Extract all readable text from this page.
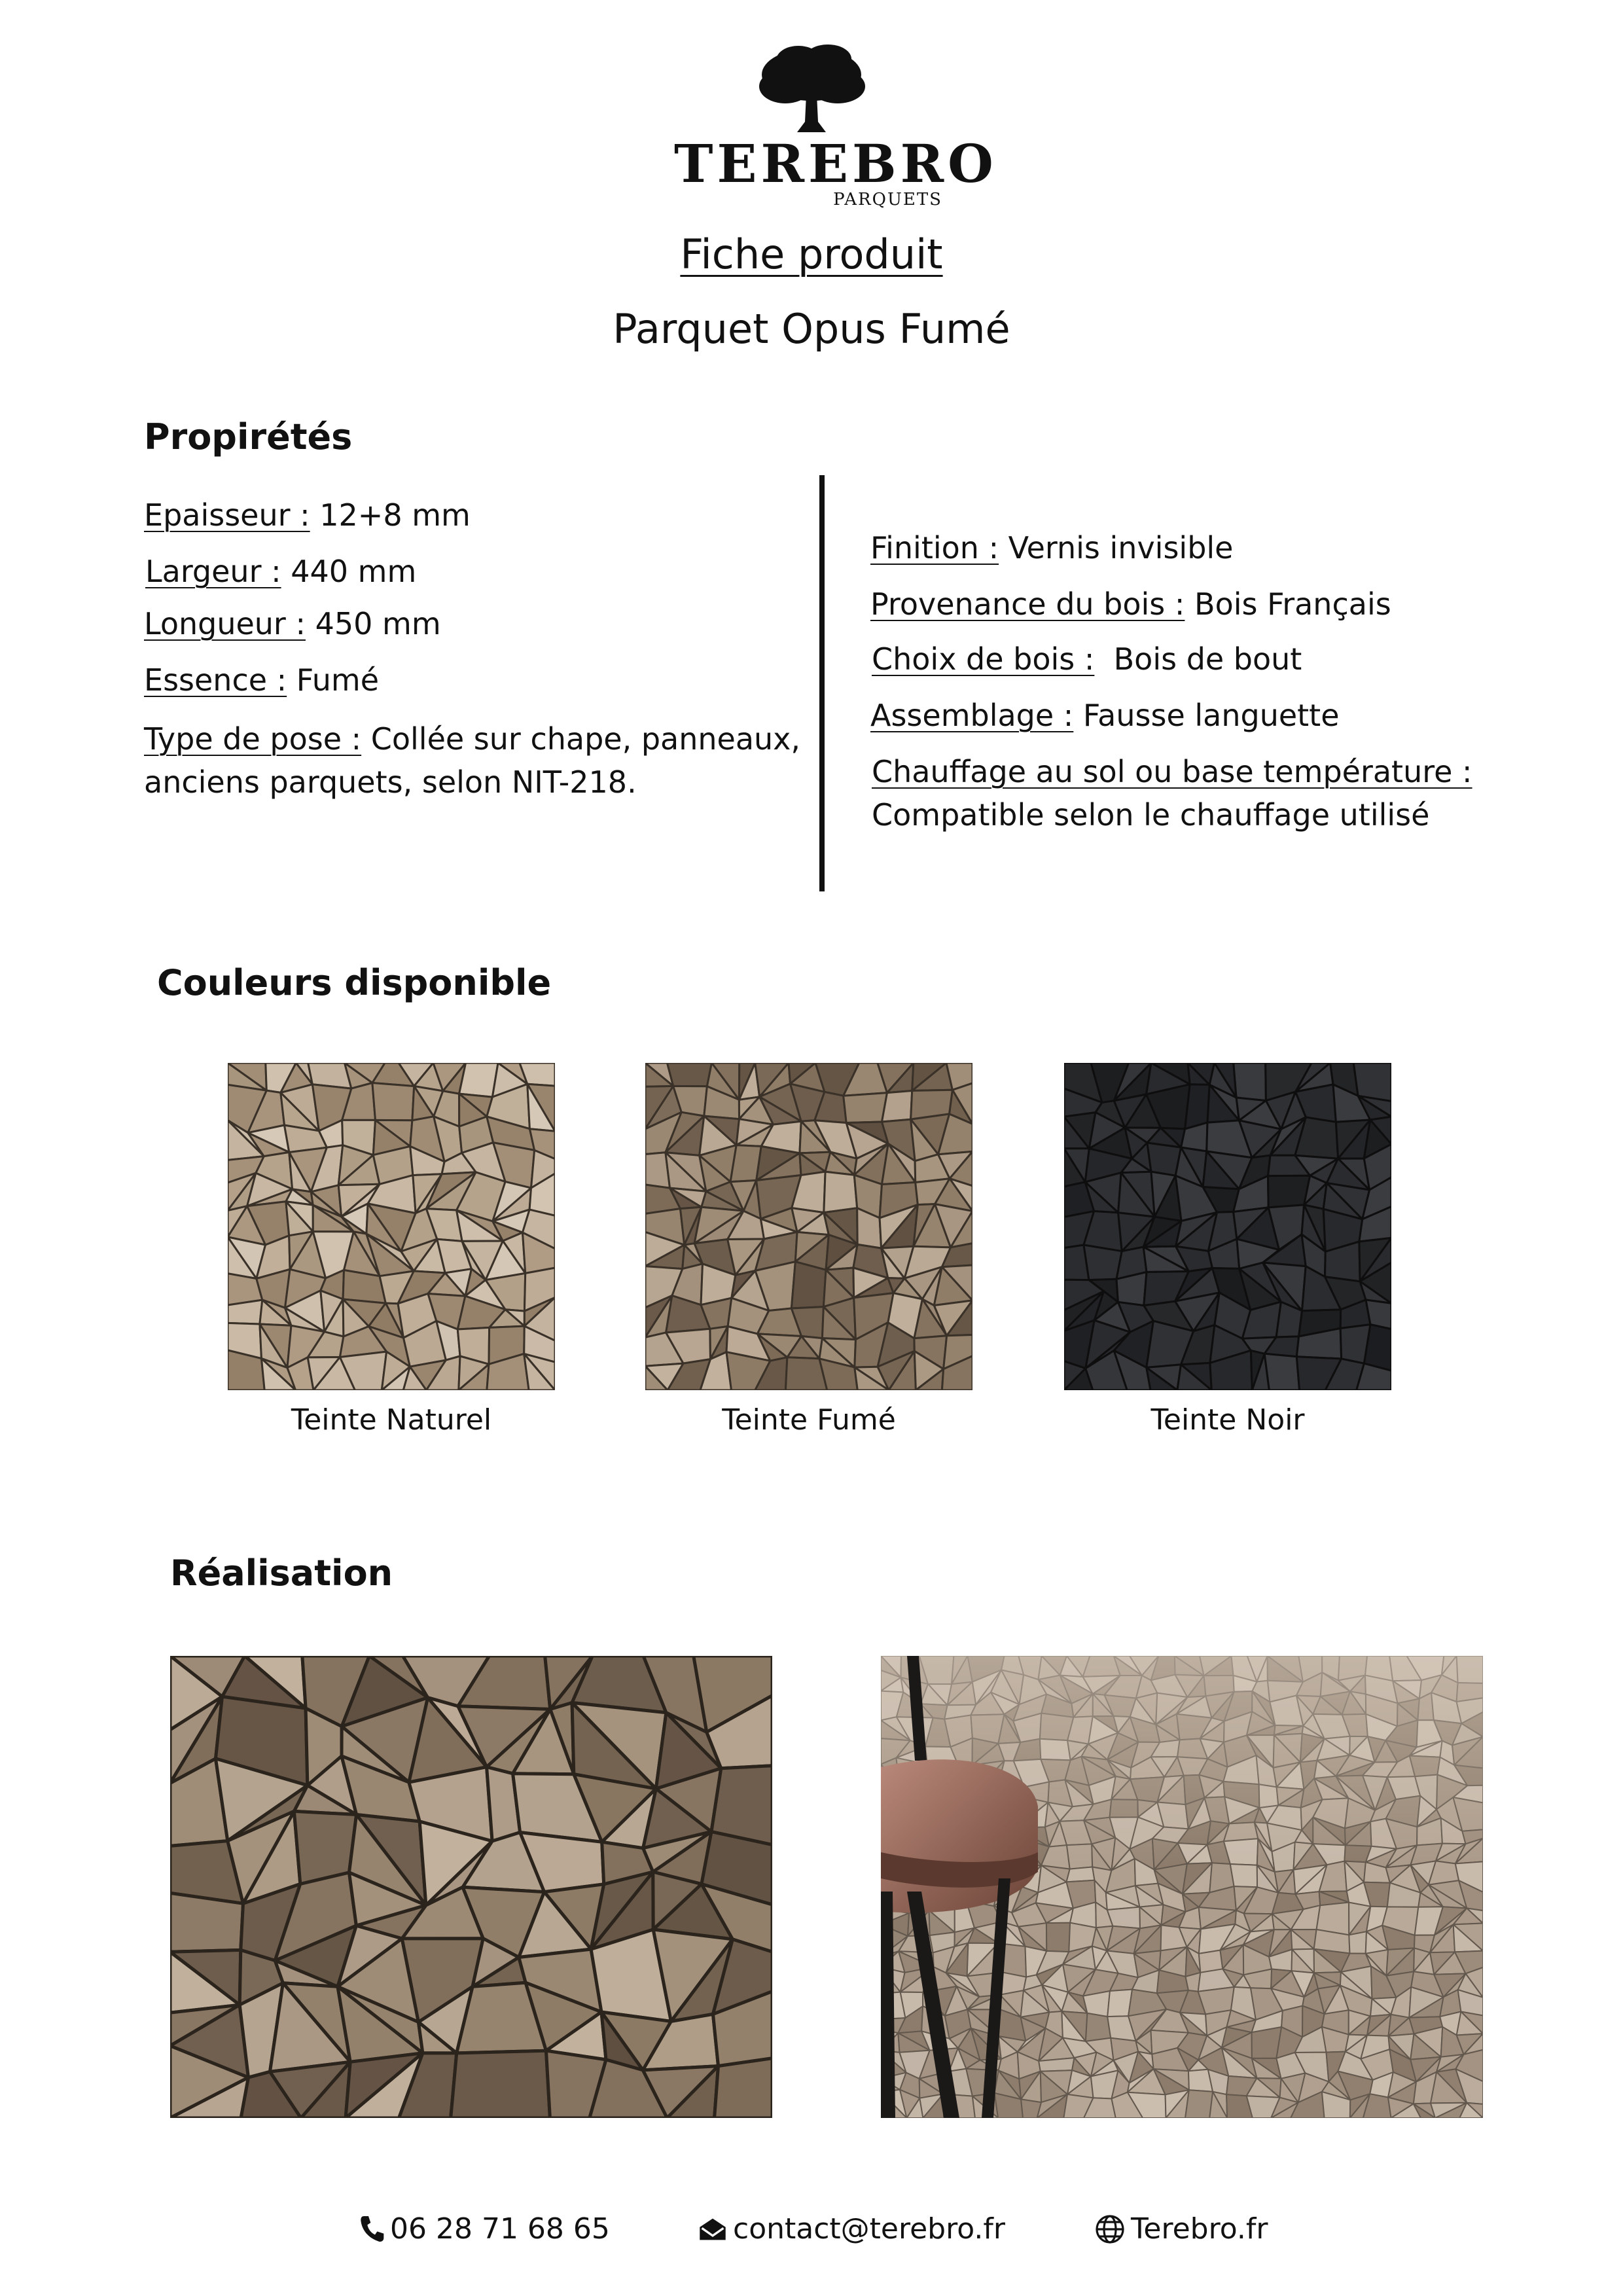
TEREBRO
PARQUETS
Fiche produit
Parquet Opus Fumé
Propirétés
Epaisseur : 12+8 mm
Largeur : 440 mm
Longueur : 450 mm
Essence : Fumé
Type de pose : Collée sur chape, panneaux,
anciens parquets, selon NIT-218.
Finition : Vernis invisible
Provenance du bois : Bois Français
Choix de bois :  Bois de bout
Assemblage : Fausse languette
Chauffage au sol ou base température :
Compatible selon le chauffage utilisé
Couleurs disponible
Teinte Naturel	Teinte Fumé	Teinte Noir
Réalisation
06 28 71 68 65	contact@terebro.fr	Terebro.fr
